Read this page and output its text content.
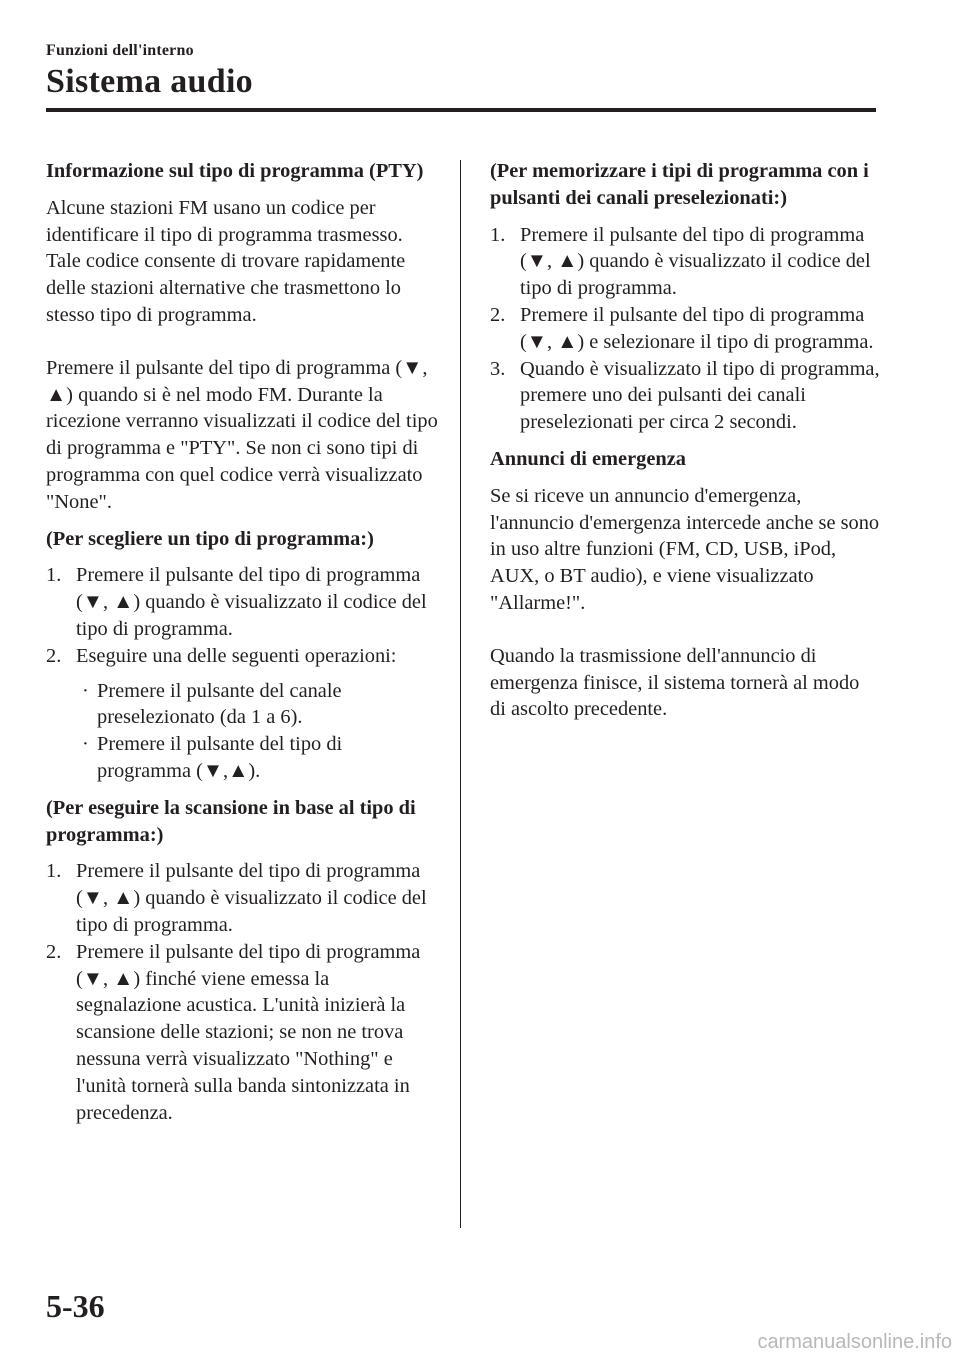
Funzioni dell'interno
Sistema audio
Informazione sul tipo di programma (PTY)
Alcune stazioni FM usano un codice per identificare il tipo di programma trasmesso. Tale codice consente di trovare rapidamente delle stazioni alternative che trasmettono lo stesso tipo di programma.
Premere il pulsante del tipo di programma (▼, ▲) quando si è nel modo FM. Durante la ricezione verranno visualizzati il codice del tipo di programma e "PTY". Se non ci sono tipi di programma con quel codice verrà visualizzato "None".
(Per scegliere un tipo di programma:)
1. Premere il pulsante del tipo di programma (▼, ▲) quando è visualizzato il codice del tipo di programma.
2. Eseguire una delle seguenti operazioni:
· Premere il pulsante del canale preselezionato (da 1 a 6).
· Premere il pulsante del tipo di programma (▼,▲).
(Per eseguire la scansione in base al tipo di programma:)
1. Premere il pulsante del tipo di programma (▼, ▲) quando è visualizzato il codice del tipo di programma.
2. Premere il pulsante del tipo di programma (▼, ▲) finché viene emessa la segnalazione acustica. L'unità inizierà la scansione delle stazioni; se non ne trova nessuna verrà visualizzato "Nothing" e l'unità tornerà sulla banda sintonizzata in precedenza.
(Per memorizzare i tipi di programma con i pulsanti dei canali preselezionati:)
1. Premere il pulsante del tipo di programma (▼, ▲) quando è visualizzato il codice del tipo di programma.
2. Premere il pulsante del tipo di programma (▼, ▲) e selezionare il tipo di programma.
3. Quando è visualizzato il tipo di programma, premere uno dei pulsanti dei canali preselezionati per circa 2 secondi.
Annunci di emergenza
Se si riceve un annuncio d'emergenza, l'annuncio d'emergenza intercede anche se sono in uso altre funzioni (FM, CD, USB, iPod, AUX, o BT audio), e viene visualizzato "Allarme!".
Quando la trasmissione dell'annuncio di emergenza finisce, il sistema tornerà al modo di ascolto precedente.
5-36
carmanualsonline.info
